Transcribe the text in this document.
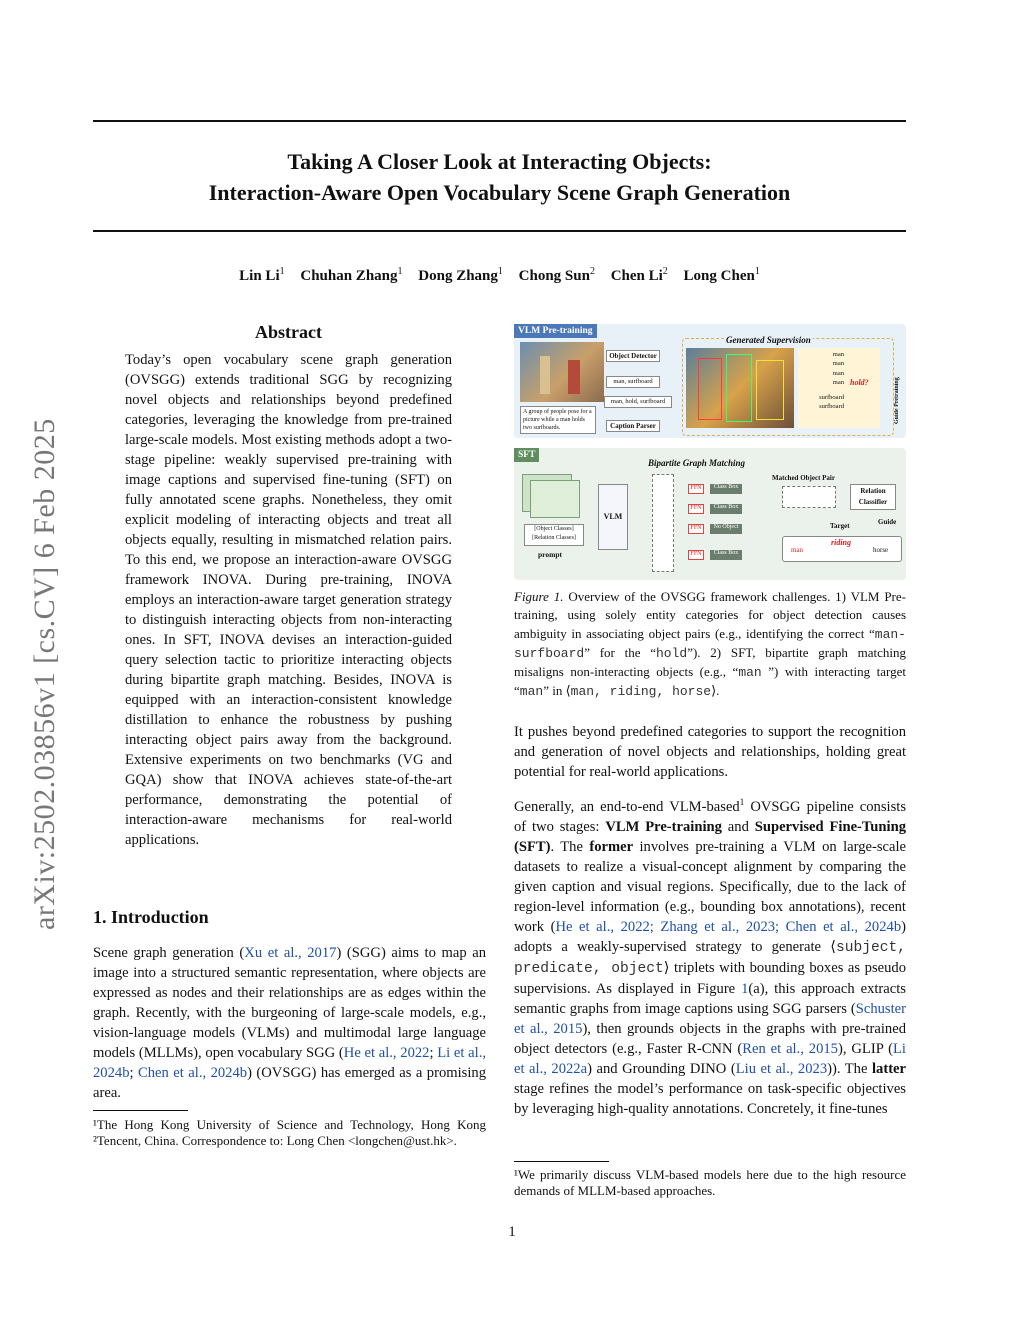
arXiv:2502.03856v1 [cs.CV] 6 Feb 2025
Taking A Closer Look at Interacting Objects:
Interaction-Aware Open Vocabulary Scene Graph Generation
Lin Li$^1$ Chuhan Zhang$^1$ Dong Zhang$^1$ Chong Sun$^2$ Chen Li$^2$ Long Chen$^1$
Abstract
Today’s open vocabulary scene graph generation (OVSGG) extends traditional SGG by recognizing novel objects and relationships beyond predefined categories, leveraging the knowledge from pre-trained large-scale models. Most existing methods adopt a two-stage pipeline: weakly supervised pre-training with image captions and supervised fine-tuning (SFT) on fully annotated scene graphs. Nonetheless, they omit explicit modeling of interacting objects and treat all objects equally, resulting in mismatched relation pairs. To this end, we propose an interaction-aware OVSGG framework INOVA. During pre-training, INOVA employs an interaction-aware target generation strategy to distinguish interacting objects from non-interacting ones. In SFT, INOVA devises an interaction-guided query selection tactic to prioritize interacting objects during bipartite graph matching. Besides, INOVA is equipped with an interaction-consistent knowledge distillation to enhance the robustness by pushing interacting object pairs away from the background. Extensive experiments on two benchmarks (VG and GQA) show that INOVA achieves state-of-the-art performance, demonstrating the potential of interaction-aware mechanisms for real-world applications.
1. Introduction
Scene graph generation (Xu et al., 2017) (SGG) aims to map an image into a structured semantic representation, where objects are expressed as nodes and their relationships are as edges within the graph. Recently, with the burgeoning of large-scale models, e.g., vision-language models (VLMs) and multimodal large language models (MLLMs), open vocabulary SGG (He et al., 2022; Li et al., 2024b; Chen et al., 2024b) (OVSGG) has emerged as a promising area.
¹The Hong Kong University of Science and Technology, Hong Kong ²Tencent, China. Correspondence to: Long Chen <longchen@ust.hk>.
VLM Pre-training
A group of people pose for a picture while a man holds two surfboards.
Object Detector
man, surfboard
man, hold, surfboard
Caption Parser
Generated Supervision
man
man
man
man
surfboard
surfboard
hold?	Guide Pretraining
SFT
Bipartite Graph Matching
[Object Classes] [Relation Classes]
prompt
VLM
FFN
FFN
FFN
FFN
Class Box
Class Box
No Object
Class Box
Matched Object Pair
Relation Classifier
Target	Guide
man
riding
horse
Figure 1. Overview of the OVSGG framework challenges. 1) VLM Pre-training, using solely entity categories for object detection causes ambiguity in associating object pairs (e.g., identifying the correct “man-surfboard” for the “hold”). 2) SFT, bipartite graph matching misaligns non-interacting objects (e.g., “man ”) with interacting target “man” in ⟨man, riding, horse⟩.
It pushes beyond predefined categories to support the recognition and generation of novel objects and relationships, holding great potential for real-world applications.
Generally, an end-to-end VLM-based$^1$ OVSGG pipeline consists of two stages: VLM Pre-training and Supervised Fine-Tuning (SFT). The former involves pre-training a VLM on large-scale datasets to realize a visual-concept alignment by comparing the given caption and visual regions. Specifically, due to the lack of region-level information (e.g., bounding box annotations), recent work (He et al., 2022; Zhang et al., 2023; Chen et al., 2024b) adopts a weakly-supervised strategy to generate ⟨subject, predicate, object⟩ triplets with bounding boxes as pseudo supervisions. As displayed in Figure 1(a), this approach extracts semantic graphs from image captions using SGG parsers (Schuster et al., 2015), then grounds objects in the graphs with pre-trained object detectors (e.g., Faster R-CNN (Ren et al., 2015), GLIP (Li et al., 2022a) and Grounding DINO (Liu et al., 2023)). The latter stage refines the model’s performance on task-specific objectives by leveraging high-quality annotations. Concretely, it fine-tunes
¹We primarily discuss VLM-based models here due to the high resource demands of MLLM-based approaches.
1
